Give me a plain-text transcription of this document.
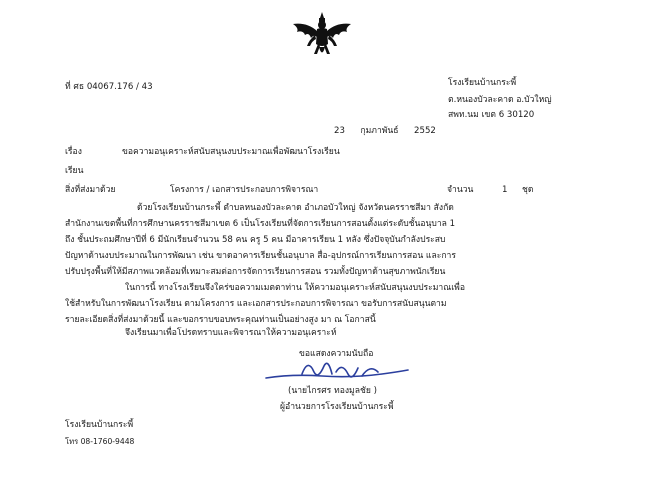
ที่ ศธ 04067.176 / 43	โรงเรียนบ้านกระพี้
ต.หนองบัวละคาด อ.บัวใหญ่
สพท.นม เขต 6 30120
23 กุมภาพันธ์ 2552
เรื่อง	ขอความอนุเคราะห์สนับสนุนงบประมาณเพื่อพัฒนาโรงเรียน
เรียน
สิ่งที่ส่งมาด้วย	โครงการ / เอกสารประกอบการพิจารณา	จำนวน	1 ชุด
ด้วยโรงเรียนบ้านกระพี้ ตำบลหนองบัวละคาด อำเภอบัวใหญ่ จังหวัดนครราชสีมา สังกัด
สำนักงานเขตพื้นที่การศึกษานครราชสีมาเขต 6 เป็นโรงเรียนที่จัดการเรียนการสอนตั้งแต่ระดับชั้นอนุบาล 1
ถึง ชั้นประถมศึกษาปีที่ 6 มีนักเรียนจำนวน 58 คน ครู 5 คน มีอาคารเรียน 1 หลัง ซึ่งปัจจุบันกำลังประสบ
ปัญหาด้านงบประมาณในการพัฒนา เช่น ขาดอาคารเรียนชั้นอนุบาล สื่อ-อุปกรณ์การเรียนการสอน และการ
ปรับปรุงพื้นที่ให้มีสภาพแวดล้อมที่เหมาะสมต่อการจัดการเรียนการสอน รวมทั้งปัญหาด้านสุขภาพนักเรียน
ในการนี้ ทางโรงเรียนจึงใคร่ขอความเมตตาท่าน ให้ความอนุเคราะห์สนับสนุนงบประมาณเพื่อ
ใช้สำหรับในการพัฒนาโรงเรียน ตามโครงการ และเอกสารประกอบการพิจารณา ขอรับการสนับสนุนตาม
รายละเอียดสิ่งที่ส่งมาด้วยนี้ และขอกราบขอบพระคุณท่านเป็นอย่างสูง มา ณ โอกาสนี้
จึงเรียนมาเพื่อโปรดทราบและพิจารณาให้ความอนุเคราะห์
ขอแสดงความนับถือ
(นายไกรศร ทองมูลชัย )
ผู้อำนวยการโรงเรียนบ้านกระพี้
โรงเรียนบ้านกระพี้
โทร 08-1760-9448
